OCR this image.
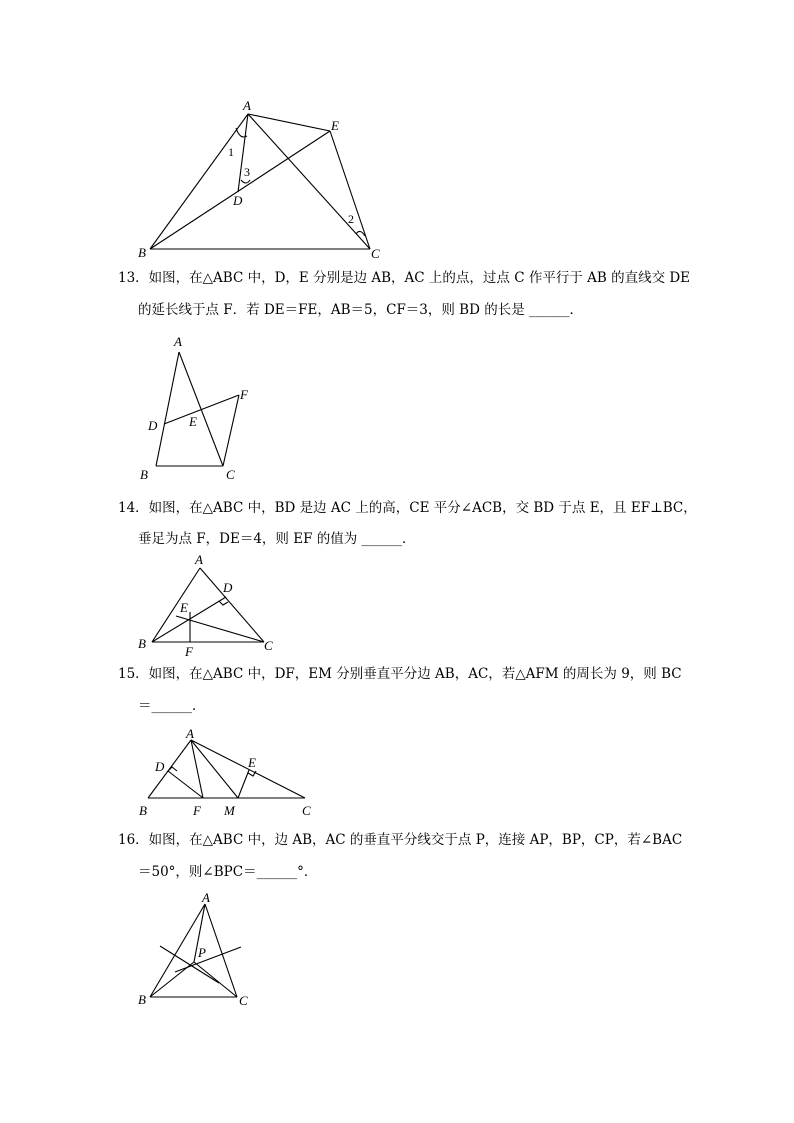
A
E
B	C
D
1
2
3
A
B	C
D E
F
A
B	C
D
E
F
A
B	C
D	E
F M
A
B	C
P
13．如图，在△ABC 中，D，E 分别是边 AB，AC 上的点，过点 C 作平行于 AB 的直线交 DE
的延长线于点 F．若 DE＝FE，AB＝5，CF＝3，则 BD 的长是 ______．
14．如图，在△ABC 中，BD 是边 AC 上的高，CE 平分∠ACB，交 BD 于点 E，且 EF⊥BC，
垂足为点 F，DE＝4，则 EF 的值为 ______．
15．如图，在△ABC 中，DF，EM 分别垂直平分边 AB，AC，若△AFM 的周长为 9，则 BC
＝______．
16．如图，在△ABC 中，边 AB，AC 的垂直平分线交于点 P，连接 AP，BP，CP，若∠BAC
＝50°，则∠BPC＝______°．
